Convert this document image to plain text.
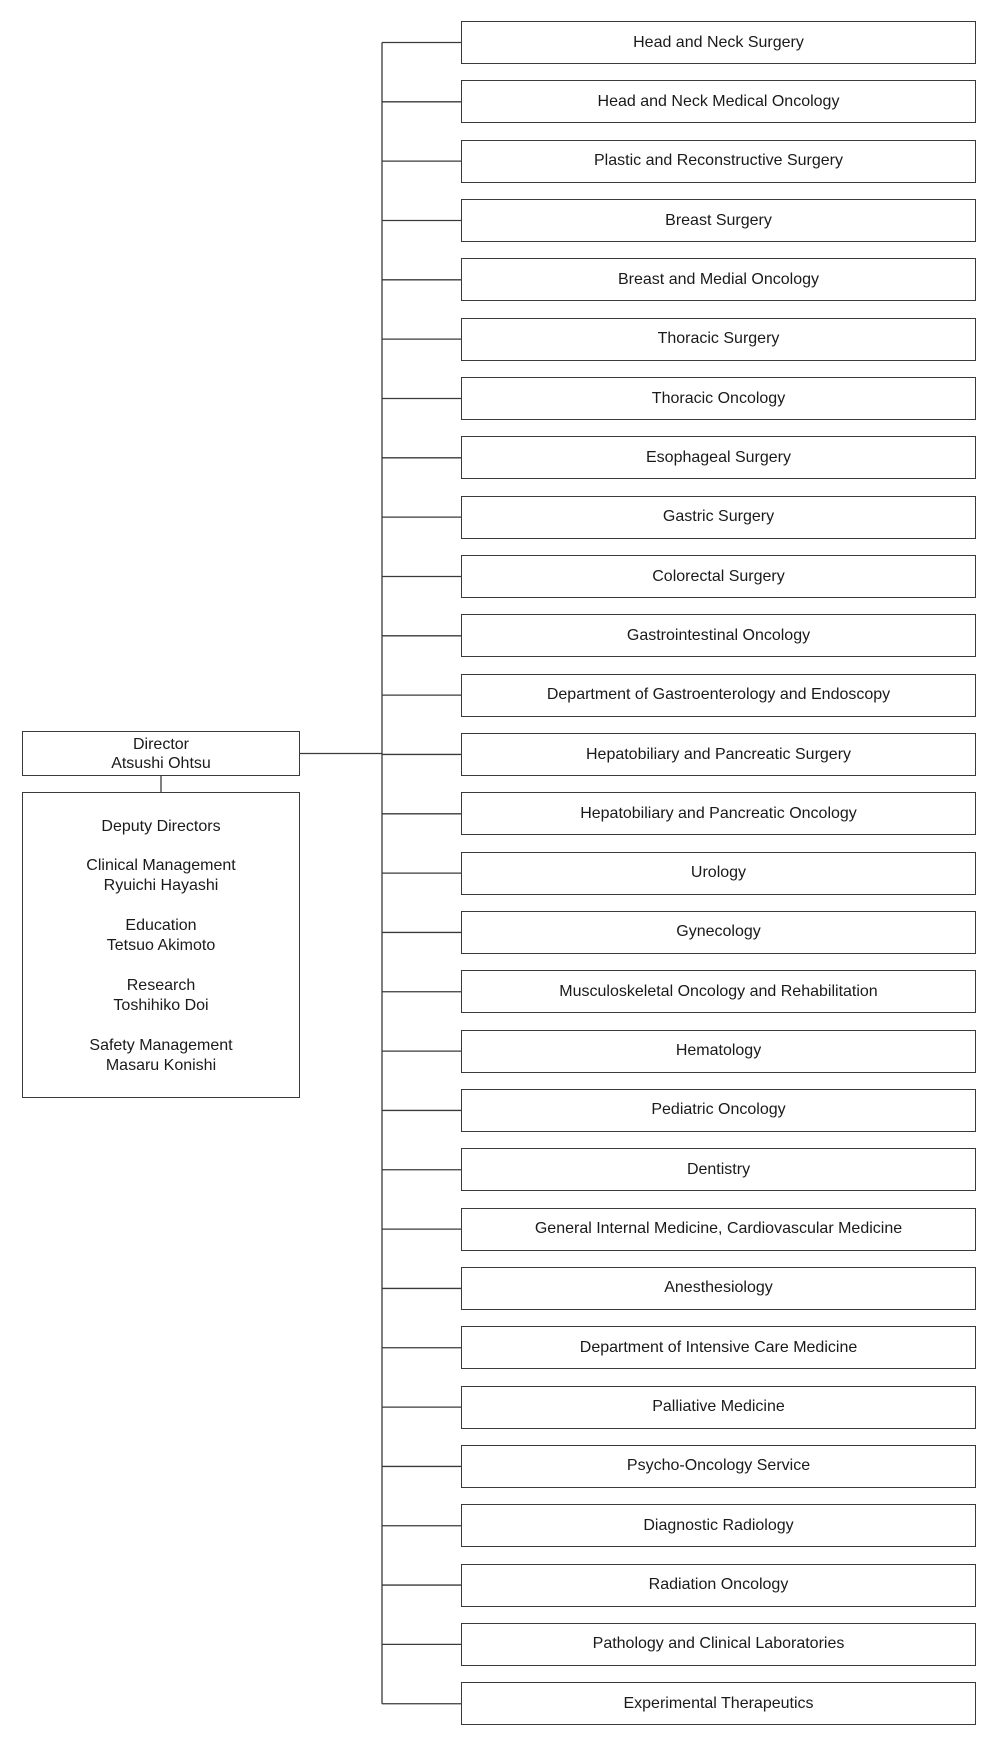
Director
Atsushi Ohtsu
Deputy Directors
Clinical Management
Ryuichi Hayashi
Education
Tetsuo Akimoto
Research
Toshihiko Doi
Safety Management
Masaru Konishi
Head and Neck Surgery
Head and Neck Medical Oncology
Plastic and Reconstructive Surgery
Breast Surgery
Breast and Medial Oncology
Thoracic Surgery
Thoracic Oncology
Esophageal Surgery
Gastric Surgery
Colorectal Surgery
Gastrointestinal Oncology
Department of Gastroenterology and Endoscopy
Hepatobiliary and Pancreatic Surgery
Hepatobiliary and Pancreatic Oncology
Urology
Gynecology
Musculoskeletal Oncology and Rehabilitation
Hematology
Pediatric Oncology
Dentistry
General Internal Medicine, Cardiovascular Medicine
Anesthesiology
Department of Intensive Care Medicine
Palliative Medicine
Psycho-Oncology Service
Diagnostic Radiology
Radiation Oncology
Pathology and Clinical Laboratories
Experimental Therapeutics
